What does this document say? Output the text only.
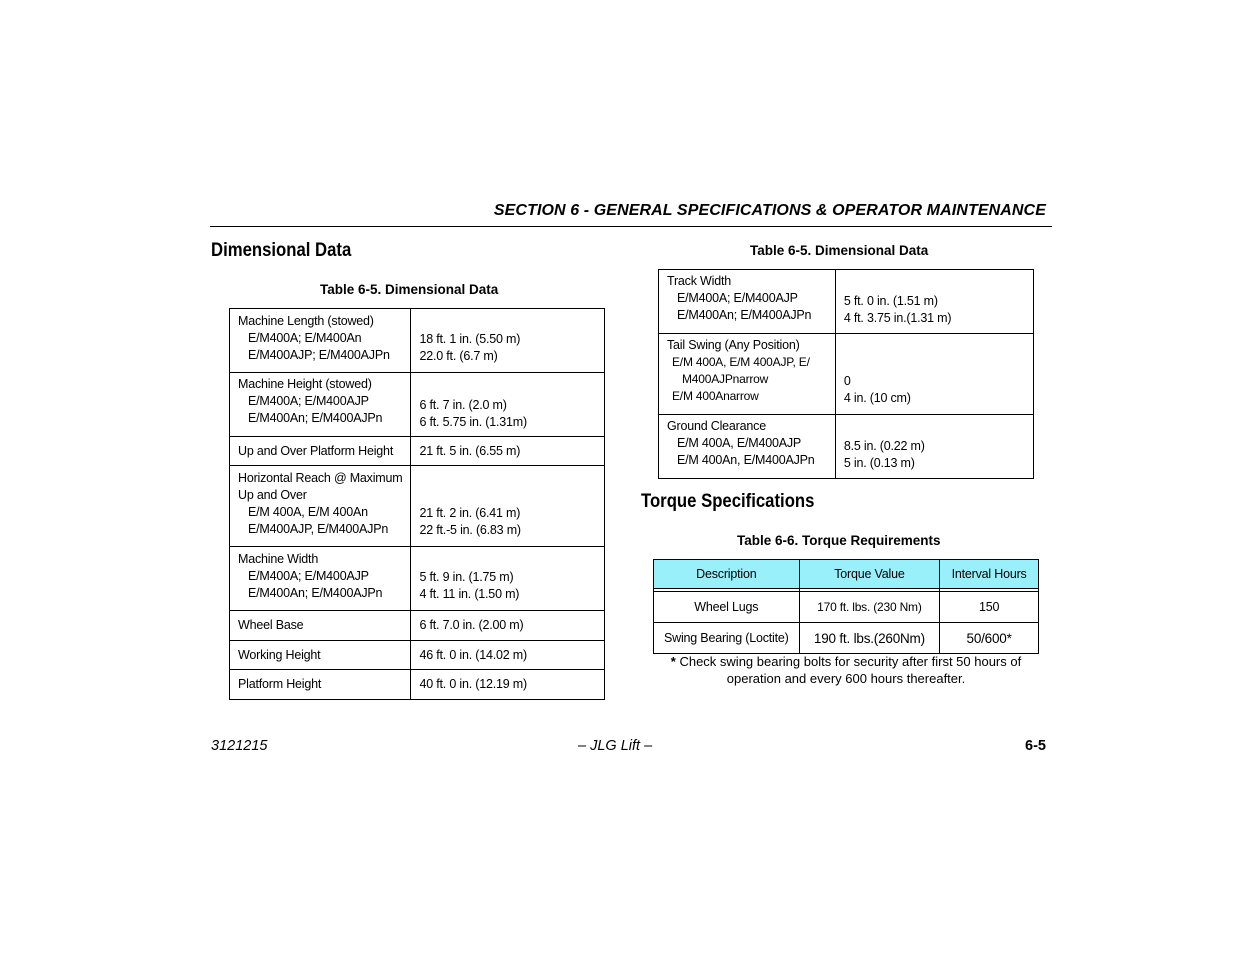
SECTION 6 - GENERAL SPECIFICATIONS & OPERATOR MAINTENANCE
Dimensional Data
Table 6-5. Dimensional Data
Machine Length (stowed)
E/M400A; E/M400An
E/M400AJP; E/M400AJPn	18 ft. 1 in. (5.50 m)
22.0 ft. (6.7 m)

Machine Height (stowed)
E/M400A; E/M400AJP
E/M400An; E/M400AJPn	6 ft. 7 in. (2.0 m)
6 ft. 5.75 in. (1.31m)

Up and Over Platform Height	21 ft. 5 in. (6.55 m)

Horizontal Reach @ Maximum
Up and Over
E/M 400A, E/M 400An
E/M400AJP, E/M400AJPn	21 ft. 2 in. (6.41 m)
22 ft.-5 in. (6.83 m)

Machine Width
E/M400A; E/M400AJP
E/M400An; E/M400AJPn	5 ft. 9 in. (1.75 m)
4 ft. 11 in. (1.50 m)

Wheel Base	6 ft. 7.0 in. (2.00 m)

Working Height	46 ft. 0 in. (14.02 m)

Platform Height	40 ft. 0 in. (12.19 m)
Table 6-5. Dimensional Data
Track Width
E/M400A; E/M400AJP
E/M400An; E/M400AJPn	5 ft. 0 in. (1.51 m)
4 ft. 3.75 in.(1.31 m)

Tail Swing (Any Position)
E/M 400A, E/M 400AJP, E/
M400AJPnarrow
E/M 400Anarrow	0
4 in. (10 cm)

Ground Clearance
E/M 400A, E/M400AJP
E/M 400An, E/M400AJPn	8.5 in. (0.22 m)
5 in. (0.13 m)
Torque Specifications
Table 6-6. Torque Requirements
Description	Torque Value	Interval Hours

Wheel Lugs	170 ft. lbs. (230 Nm)	150
Swing Bearing (Loctite)	190 ft. lbs.(260Nm)	50/600*
* Check swing bearing bolts for security after first 50 hours of
operation and every 600 hours thereafter.
3121215	– JLG Lift –	6-5
